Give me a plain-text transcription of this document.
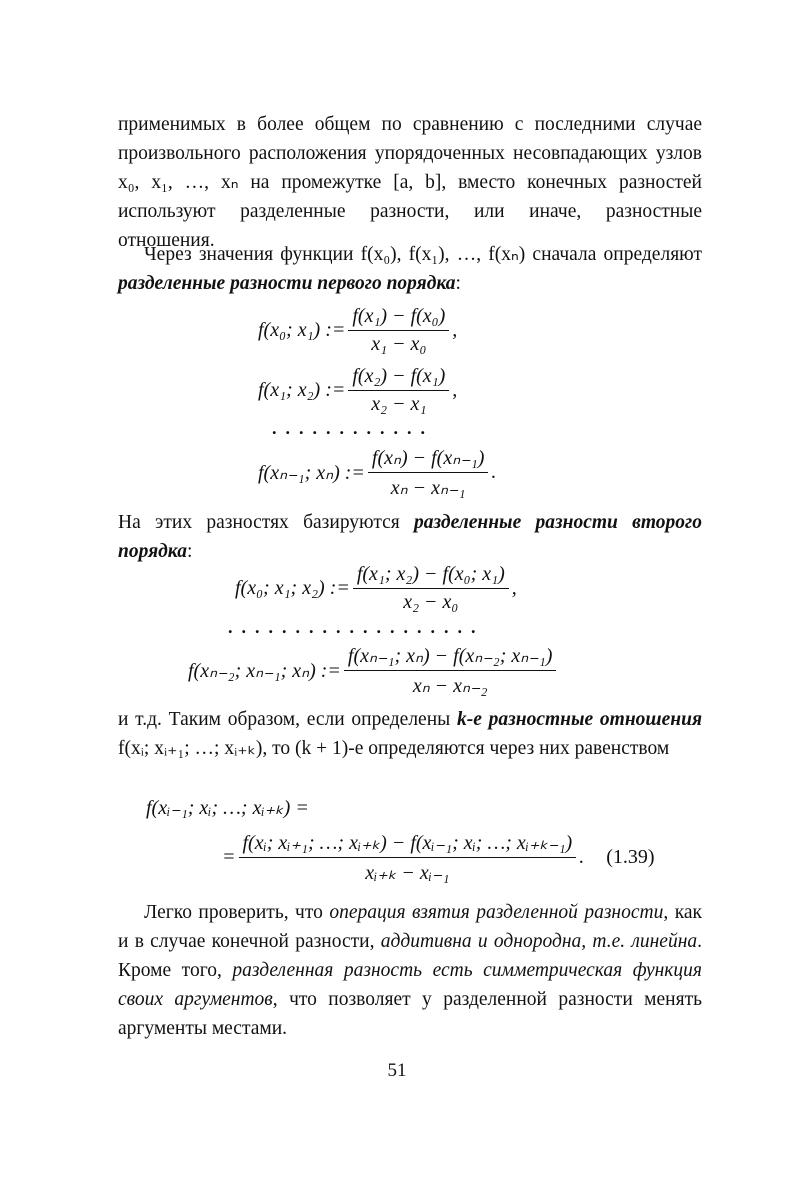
применимых в более общем по сравнению с последними случае произвольного расположения упорядоченных несовпадающих узлов x₀, x₁, …, xₙ на промежутке [a, b], вместо конечных разностей используют разделенные разности, или иначе, разностные отношения.
Через значения функции f(x₀), f(x₁), …, f(xₙ) сначала определяют разделенные разности первого порядка:
f(x₀; x₁) := $\frac{\text{f(x₁) − f(x₀)}}{\text{x₁ − x₀}}$ ,
f(x₁; x₂) := $\frac{\text{f(x₂) − f(x₁)}}{\text{x₂ − x₁}}$ ,
............
f(xₙ₋₁; xₙ) := $\frac{\text{f(xₙ) − f(xₙ₋₁)}}{\text{xₙ − xₙ₋₁}}$ .
На этих разностях базируются разделенные разности второго порядка:
f(x₀; x₁; x₂) := $\frac{\text{f(x₁; x₂) − f(x₀; x₁)}}{\text{x₂ − x₀}}$ ,
...................
f(xₙ₋₂; xₙ₋₁; xₙ) := $\frac{\text{f(xₙ₋₁; xₙ) − f(xₙ₋₂; xₙ₋₁)}}{\text{xₙ − xₙ₋₂}}$
и т.д. Таким образом, если определены k-е разностные отношения f(xᵢ; xᵢ₊₁; …; xᵢ₊ₖ), то (k + 1)-е определяются через них равенством
f(xᵢ₋₁; xᵢ; …; xᵢ₊ₖ) =
= $\frac{\text{f(xᵢ; xᵢ₊₁; …; xᵢ₊ₖ) − f(xᵢ₋₁; xᵢ; …; xᵢ₊ₖ₋₁)}}{\text{xᵢ₊ₖ − xᵢ₋₁}}$ . (1.39)
Легко проверить, что операция взятия разделенной разности, как и в случае конечной разности, аддитивна и однородна, т.е. линейна. Кроме того, разделенная разность есть симметрическая функция своих аргументов, что позволяет у разделенной разности менять аргументы местами.
51
